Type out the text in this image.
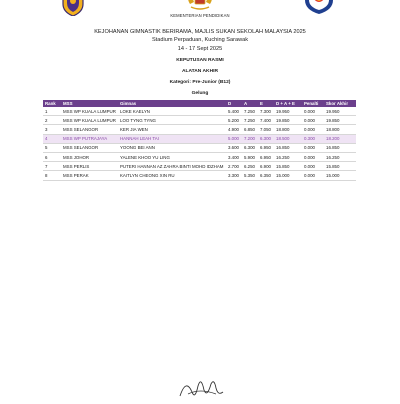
KEMENTERIAN PENDIDIKAN
KEJOHANAN GIMNASTIK BERIRAMA, MAJLIS SUKAN SEKOLAH MALAYSIA 2025
Stadium Perpaduan, Kuching Sarawak
14 - 17 Sept 2025
KEPUTUSAN RASMI
ALATAN AKHIR
Kategori: Pre-Junior (B12)
Gelung
Rank	MSS	Gimnas	D	A	E	D + A + E	Penalti	Skor Akhir
1	MSS WP KUALA LUMPUR	LOKE KAELYN	5.400	7.250	7.300	19.950	0.000	19.950
2	MSS WP KUALA LUMPUR	LOO TYNG TYNG	5.200	7.250	7.400	19.850	0.000	19.850
3	MSS SELANGOR	KER JIA WEN	4.900	6.850	7.050	18.800	0.000	18.800
4	MSS WP PUTRAJAYA	HANNAH LEAH TAI	5.000	7.200	6.300	18.500	0.300	18.200
5	MSS SELANGOR	YOONG BEI ANN	3.600	6.300	6.950	16.850	0.000	16.850
6	MSS JOHOR	YALENE KHOO YU LING	3.400	5.900	6.950	16.250	0.000	16.250
7	MSS PERLIS	PUTERI HANNAN AZ ZAHRA BINTI MOHD IDZHAM	2.700	6.250	6.900	15.850	0.000	15.850
8	MSS PERAK	KAITLYN CHEONG XIN RU	3.300	5.350	6.350	15.000	0.000	15.000
